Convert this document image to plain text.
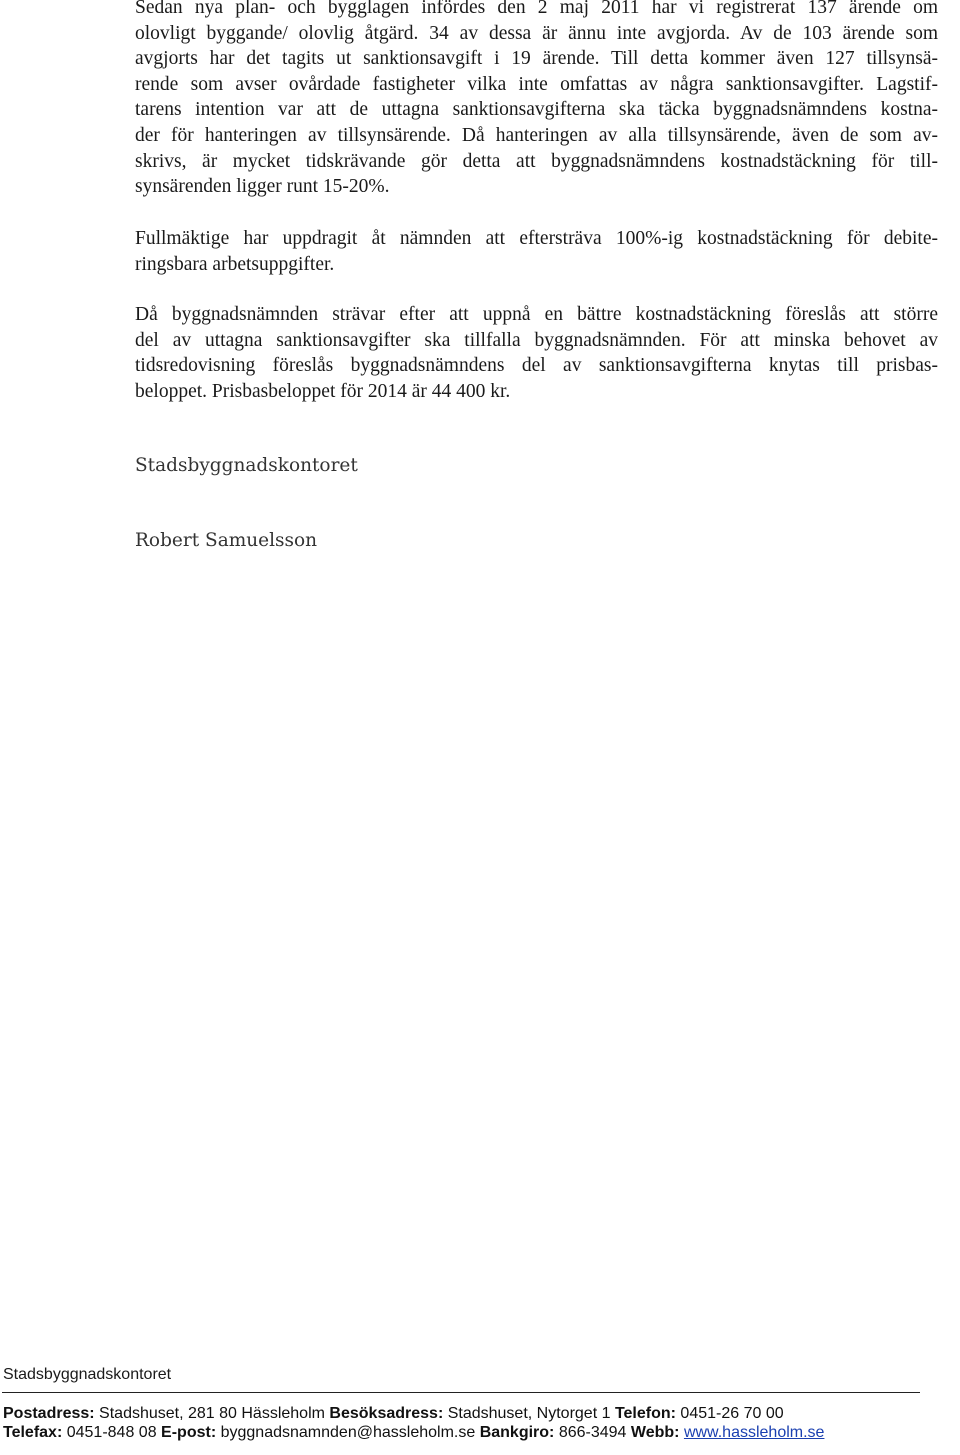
Sedan nya plan- och bygglagen infördes den 2 maj 2011 har vi registrerat 137 ärende om
olovligt byggande/ olovlig åtgärd. 34 av dessa är ännu inte avgjorda. Av de 103 ärende som
avgjorts har det tagits ut sanktionsavgift i 19 ärende. Till detta kommer även 127 tillsynsä-
rende som avser ovårdade fastigheter vilka inte omfattas av några sanktionsavgifter. Lagstif-
tarens intention var att de uttagna sanktionsavgifterna ska täcka byggnadsnämndens kostna-
der för hanteringen av tillsynsärende. Då hanteringen av alla tillsynsärende, även de som av-
skrivs, är mycket tidskrävande gör detta att byggnadsnämndens kostnadstäckning för till-
synsärenden ligger runt 15-20%.
Fullmäktige har uppdragit åt nämnden att eftersträva 100%-ig kostnadstäckning för debite-
ringsbara arbetsuppgifter.
Då byggnadsnämnden strävar efter att uppnå en bättre kostnadstäckning föreslås att större
del av uttagna sanktionsavgifter ska tillfalla byggnadsnämnden. För att minska behovet av
tidsredovisning föreslås byggnadsnämndens del av sanktionsavgifterna knytas till prisbas-
beloppet. Prisbasbeloppet för 2014 är 44 400 kr.

Stadsbyggnadskontoret

Robert Samuelsson

Stadsbyggnadskontoret

Postadress: Stadshuset, 281 80 Hässleholm Besöksadress: Stadshuset, Nytorget 1 Telefon: 0451-26 70 00

Telefax: 0451-848 08 E-post: byggnadsnamnden@hassleholm.se Bankgiro: 866-3494 Webb: www.hassleholm.se
